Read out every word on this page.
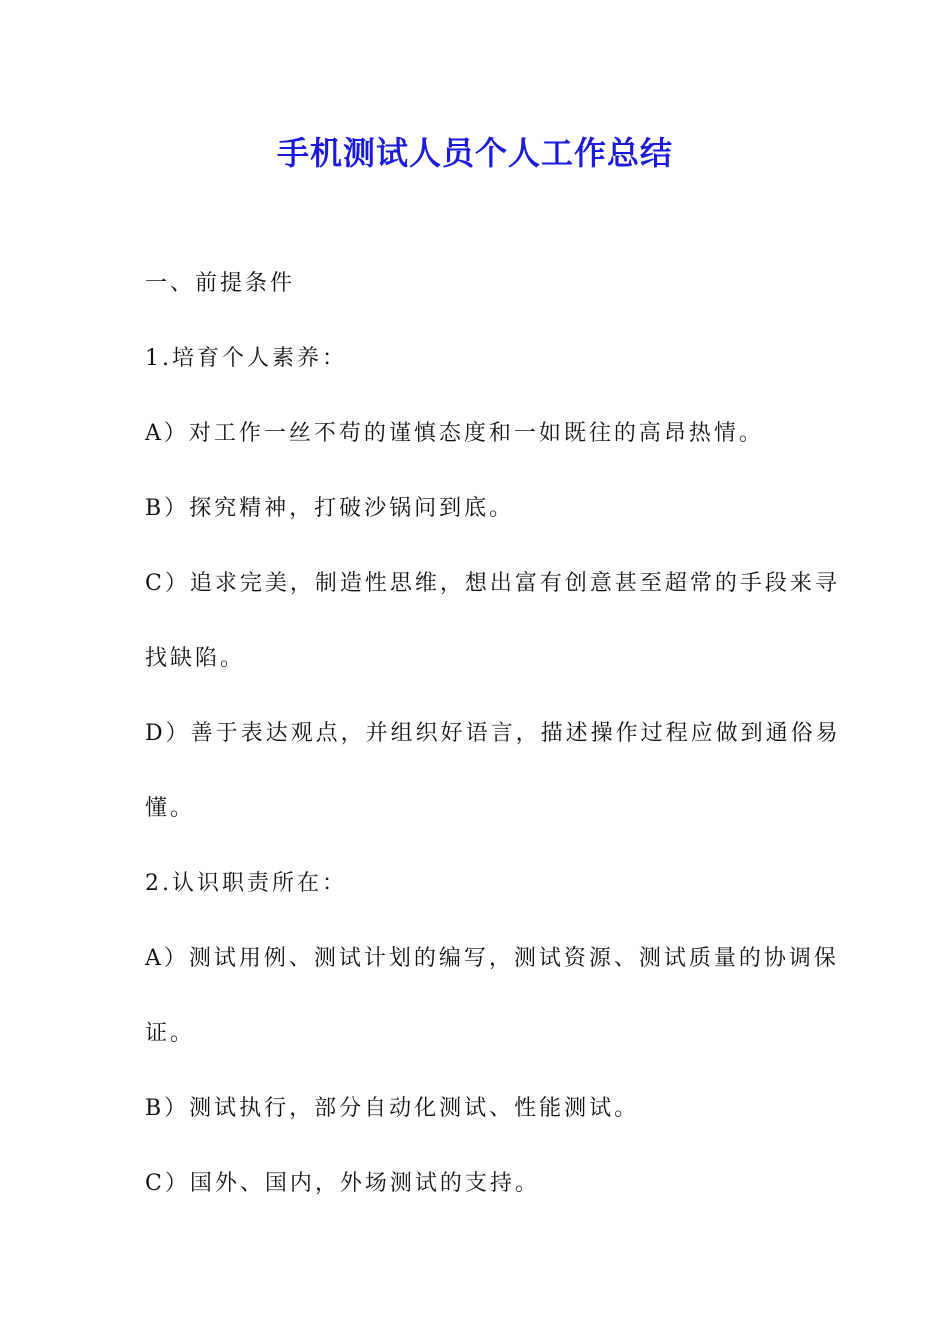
手机测试人员个人工作总结

一、前提条件

1.培育个人素养：

A）对工作一丝不苟的谨慎态度和一如既往的高昂热情。

B）探究精神，打破沙锅问到底。

C）追求完美，制造性思维，想出富有创意甚至超常的手段来寻

找缺陷。

D）善于表达观点，并组织好语言，描述操作过程应做到通俗易

懂。

2.认识职责所在：

A）测试用例、测试计划的编写，测试资源、测试质量的协调保

证。

B）测试执行，部分自动化测试、性能测试。

C）国外、国内，外场测试的支持。
